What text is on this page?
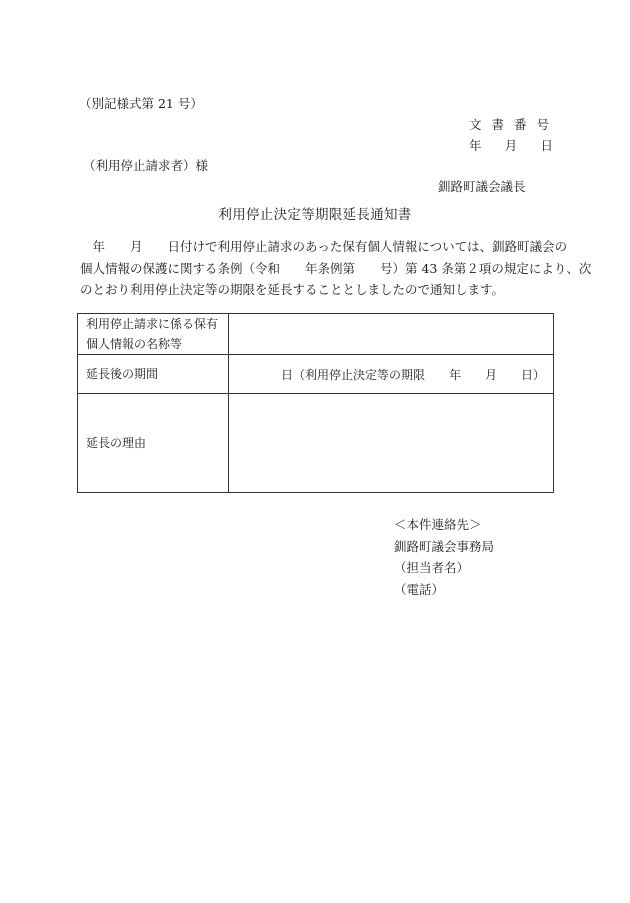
（別記様式第 21 号）
文書番号
年 月 日
（利用停止請求者）様
釧路町議会議長
利用停止決定等期限延長通知書

　年　　月　　日付けで利用停止請求のあった保有個人情報については、釧路町議会の

個人情報の保護に関する条例（令和　　年条例第　　号）第 43 条第２項の規定により、次

のとおり利用停止決定等の期限を延長することとしましたので通知します。

利用停止請求に係る保有
個人情報の名称等	

延長後の期間	日（利用停止決定等の期限　　年　　月　　日）
延長の理由	
＜本件連絡先＞
釧路町議会事務局
（担当者名）
（電話）
